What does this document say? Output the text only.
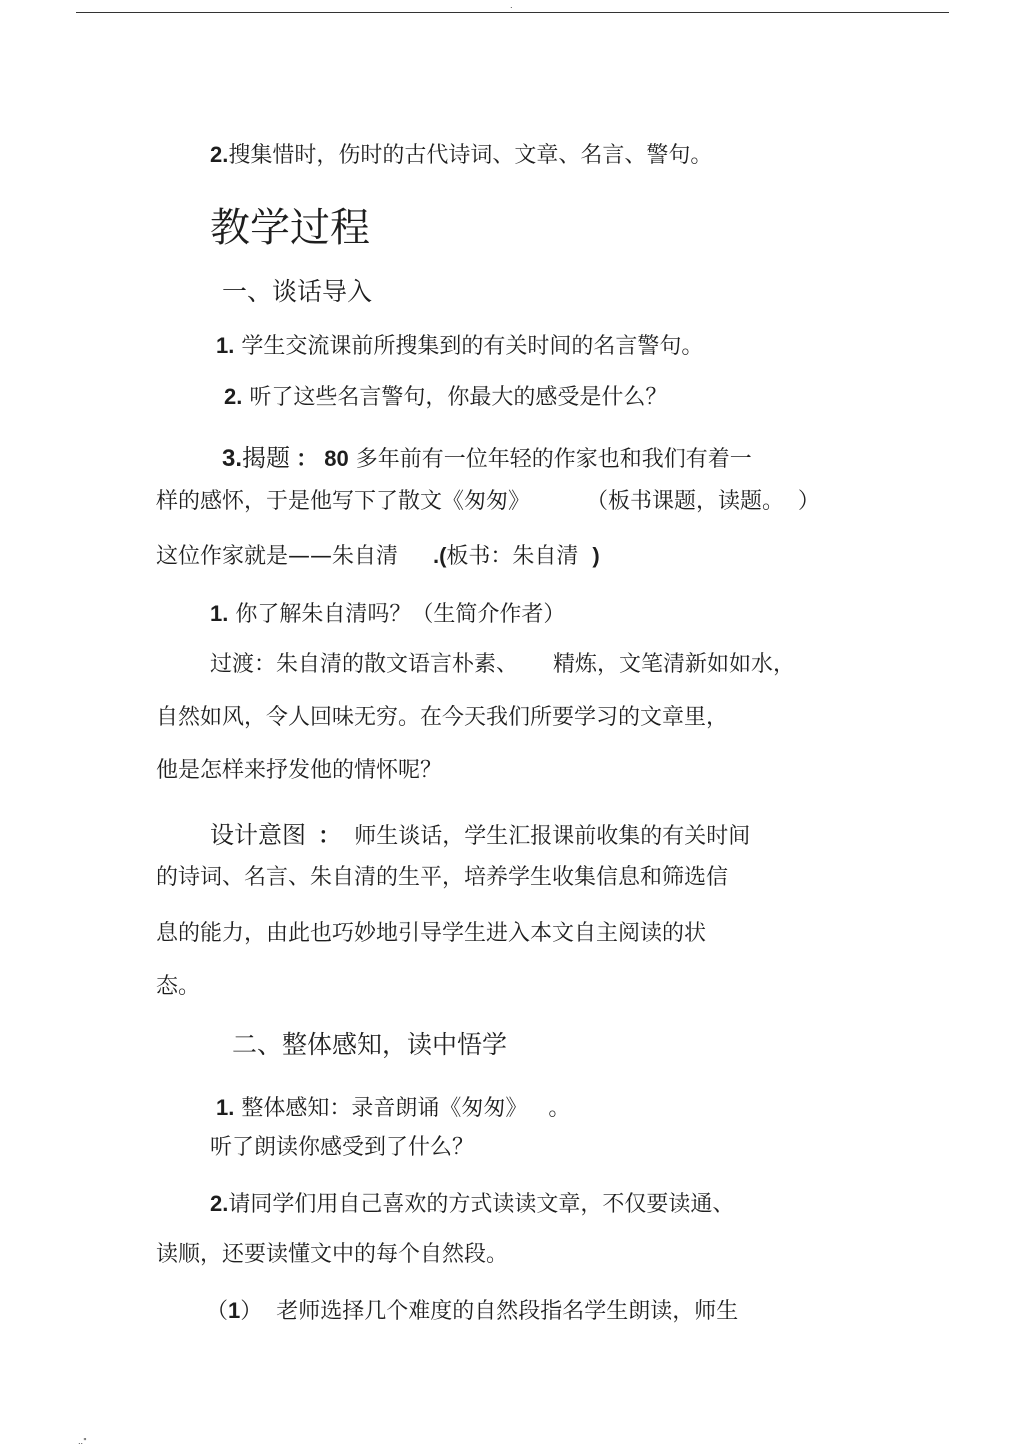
.
2.搜集惜时，伤时的古代诗词、文章、名言、警句。
教学过程
一、谈话导入
1. 学生交流课前所搜集到的有关时间的名言警句。
2. 听了这些名言警句，你最大的感受是什么？
3.揭题 ： 80 多年前有一位年轻的作家也和我们有着一
样的感怀，于是他写下了散文《匆匆》        （板书课题，读题。  ）
这位作家就是——朱自清     .(板书：朱自清  )
1. 你了解朱自清吗？（生简介作者）
过渡：朱自清的散文语言朴素、     精炼，文笔清新如如水，
自然如风，令人回味无穷。在今天我们所要学习的文章里，
他是怎样来抒发他的情怀呢？
设计意图  ：  师生谈话，学生汇报课前收集的有关时间
的诗词、名言、朱自清的生平，培养学生收集信息和筛选信
息的能力，由此也巧妙地引导学生进入本文自主阅读的状
态。
二、整体感知，读中悟学
1. 整体感知：录音朗诵《匆匆》   。
听了朗读你感受到了什么？
2.请同学们用自己喜欢的方式读读文章，不仅要读通、
读顺，还要读懂文中的每个自然段。
（1）  老师选择几个难度的自然段指名学生朗读，师生
.."
